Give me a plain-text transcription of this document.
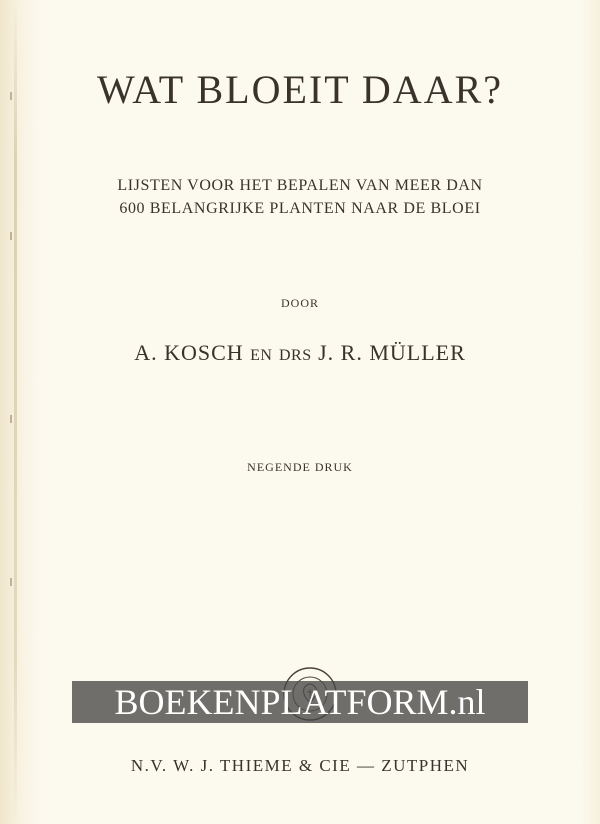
WAT BLOEIT DAAR?
LIJSTEN VOOR HET BEPALEN VAN MEER DAN
600 BELANGRIJKE PLANTEN NAAR DE BLOEI
DOOR
A. KOSCH EN DRS J. R. MÜLLER
NEGENDE DRUK
BOEKENPLATFORM.nl
N.V. W. J. THIEME & CIE — ZUTPHEN
